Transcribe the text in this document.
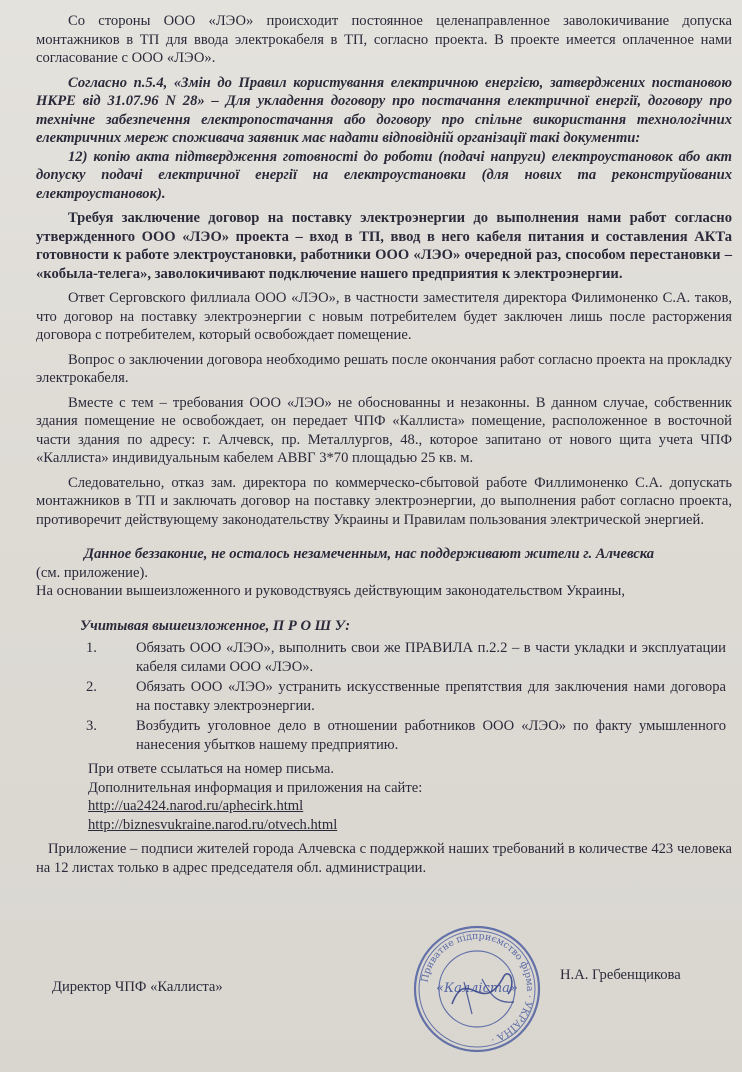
Со стороны ООО «ЛЭО» происходит постоянное целенаправленное заволокичивание допуска монтажников в ТП для ввода электрокабеля в ТП, согласно проекта. В проекте имеется оплаченное нами согласование с ООО «ЛЭО».

Согласно п.5.4, «Змін до Правил користування електричною енергією, затверджених постановою НКРЕ від 31.07.96 N 28» – Для укладення договору про постачання електричної енергії, договору про технічне забезпечення електропостачання або договору про спільне використання технологічних електричних мереж споживача заявник має надати відповідній організації такі документи:

12) копію акта підтвердження готовності до роботи (подачі напруги) електроустановок або акт допуску подачі електричної енергії на електроустановки (для нових та реконструйованих електроустановок).

Требуя заключение договор на поставку электроэнергии до выполнения нами работ согласно утвержденного ООО «ЛЭО» проекта – вход в ТП, ввод в него кабеля питания и составления АКТа готовности к работе электроустановки, работники ООО «ЛЭО» очередной раз, способом перестановки – «кобыла-телега», заволокичивают подключение нашего предприятия к электроэнергии.

Ответ Серговского филлиала ООО «ЛЭО», в частности заместителя директора Филимоненко С.А. таков, что договор на поставку электроэнергии с новым потребителем будет заключен лишь после расторжения договора с потребителем, который освобождает помещение.

Вопрос о заключении договора необходимо решать после окончания работ согласно проекта на прокладку электрокабеля.

Вместе с тем – требования ООО «ЛЭО» не обоснованны и незаконны. В данном случае, собственник здания помещение не освобождает, он передает ЧПФ «Каллиста» помещение, расположенное в восточной части здания по адресу: г. Алчевск, пр. Металлургов, 48., которое запитано от нового щита учета ЧПФ «Каллиста» индивидуальным кабелем АВВГ 3*70 площадью 25 кв. м.

Следовательно, отказ зам. директора по коммерческо-сбытовой работе Филлимоненко С.А. допускать монтажников в ТП и заключать договор на поставку электроэнергии, до выполнения работ согласно проекта, противоречит действующему законодательству Украины и Правилам пользования электрической энергией.

Данное беззаконие, не осталось незамеченным, нас поддерживают жители г. Алчевска

(см. приложение).

На основании вышеизложенного и руководствуясь действующим законодательством Украины,

Учитывая вышеизложенное, П Р О Ш У:
1.	Обязать ООО «ЛЭО», выполнить свои же ПРАВИЛА п.2.2 – в части укладки и эксплуатации кабеля силами ООО «ЛЭО».
2.	Обязать ООО «ЛЭО» устранить искусственные препятствия для заключения нами договора на поставку электроэнергии.
3.	Возбудить уголовное дело в отношении работников ООО «ЛЭО» по факту умышленного нанесения убытков нашему предприятию.

При ответе ссылаться на номер письма.

Дополнительная информация и приложения на сайте:

http://ua2424.narod.ru/aphecirk.html
http://biznesvukraine.narod.ru/otvech.html

Приложение – подписи жителей города Алчевска с поддержкой наших требований в количестве 423 человека на 12 листах только в адрес председателя обл. администрации.

Директор ЧПФ «Каллиста»
Приватне підприємство фірма · УКРАЇНА ·
«Калліста»
Н.А. Гребенщикова
